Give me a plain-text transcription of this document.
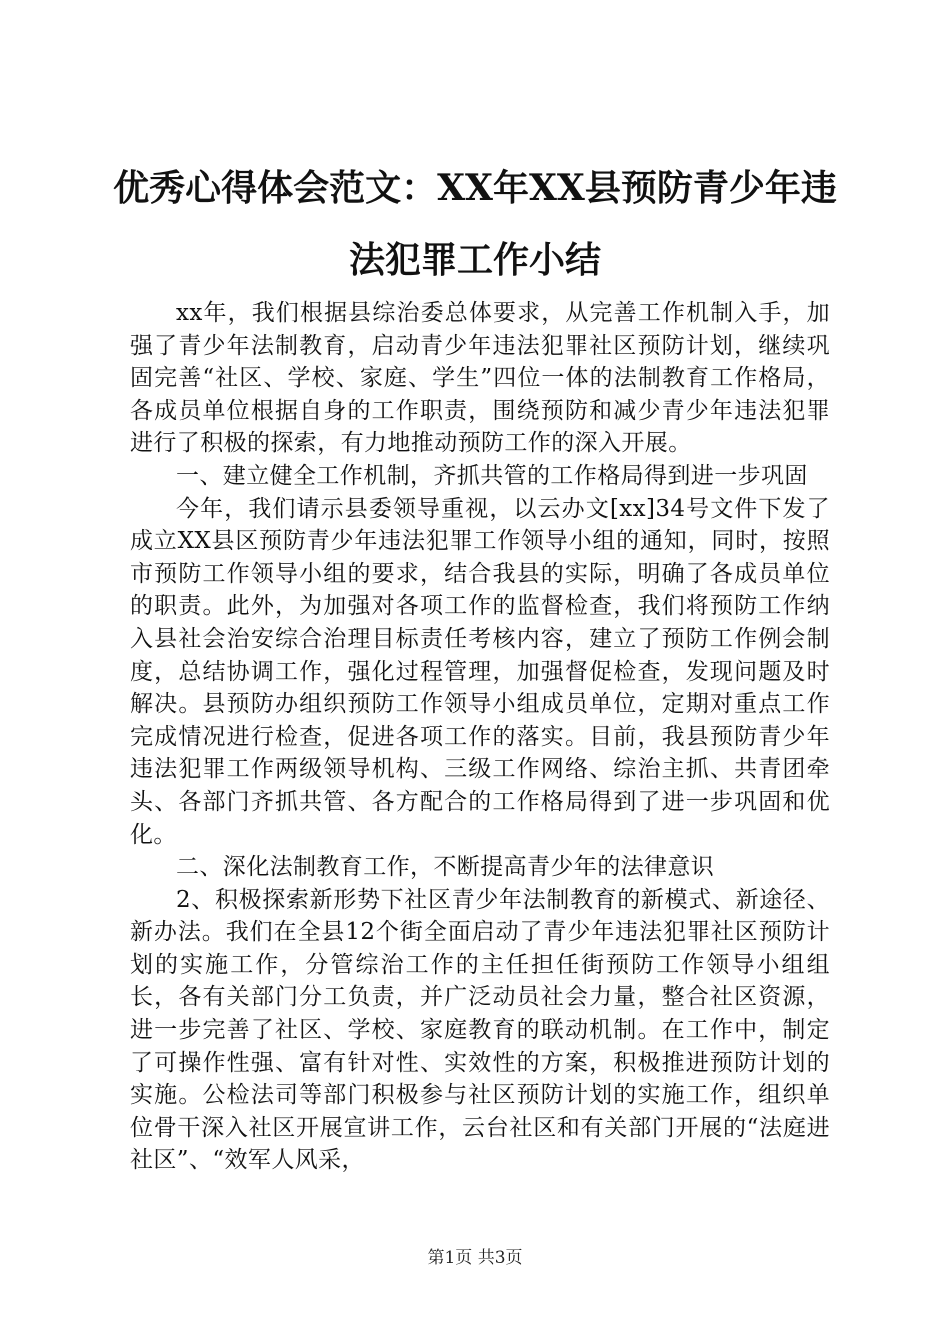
优秀心得体会范文：XX年XX县预防青少年违法犯罪工作小结

xx年，我们根据县综治委总体要求，从完善工作机制入手，加强了青少年法制教育，启动青少年违法犯罪社区预防计划，继续巩固完善“社区、学校、家庭、学生”四位一体的法制教育工作格局，各成员单位根据自身的工作职责，围绕预防和减少青少年违法犯罪进行了积极的探索，有力地推动预防工作的深入开展。

一、建立健全工作机制，齐抓共管的工作格局得到进一步巩固

今年，我们请示县委领导重视，以云办文[xx]34号文件下发了成立XX县区预防青少年违法犯罪工作领导小组的通知，同时，按照市预防工作领导小组的要求，结合我县的实际，明确了各成员单位的职责。此外，为加强对各项工作的监督检查，我们将预防工作纳入县社会治安综合治理目标责任考核内容，建立了预防工作例会制度，总结协调工作，强化过程管理，加强督促检查，发现问题及时解决。县预防办组织预防工作领导小组成员单位，定期对重点工作完成情况进行检查，促进各项工作的落实。目前，我县预防青少年违法犯罪工作两级领导机构、三级工作网络、综治主抓、共青团牵头、各部门齐抓共管、各方配合的工作格局得到了进一步巩固和优化。

二、深化法制教育工作，不断提高青少年的法律意识

2、积极探索新形势下社区青少年法制教育的新模式、新途径、新办法。我们在全县12个街全面启动了青少年违法犯罪社区预防计划的实施工作，分管综治工作的主任担任街预防工作领导小组组长，各有关部门分工负责，并广泛动员社会力量，整合社区资源，进一步完善了社区、学校、家庭教育的联动机制。在工作中，制定了可操作性强、富有针对性、实效性的方案，积极推进预防计划的实施。公检法司等部门积极参与社区预防计划的实施工作，组织单位骨干深入社区开展宣讲工作，云台社区和有关部门开展的“法庭进社区”、“效军人风采，

第1页 共3页
